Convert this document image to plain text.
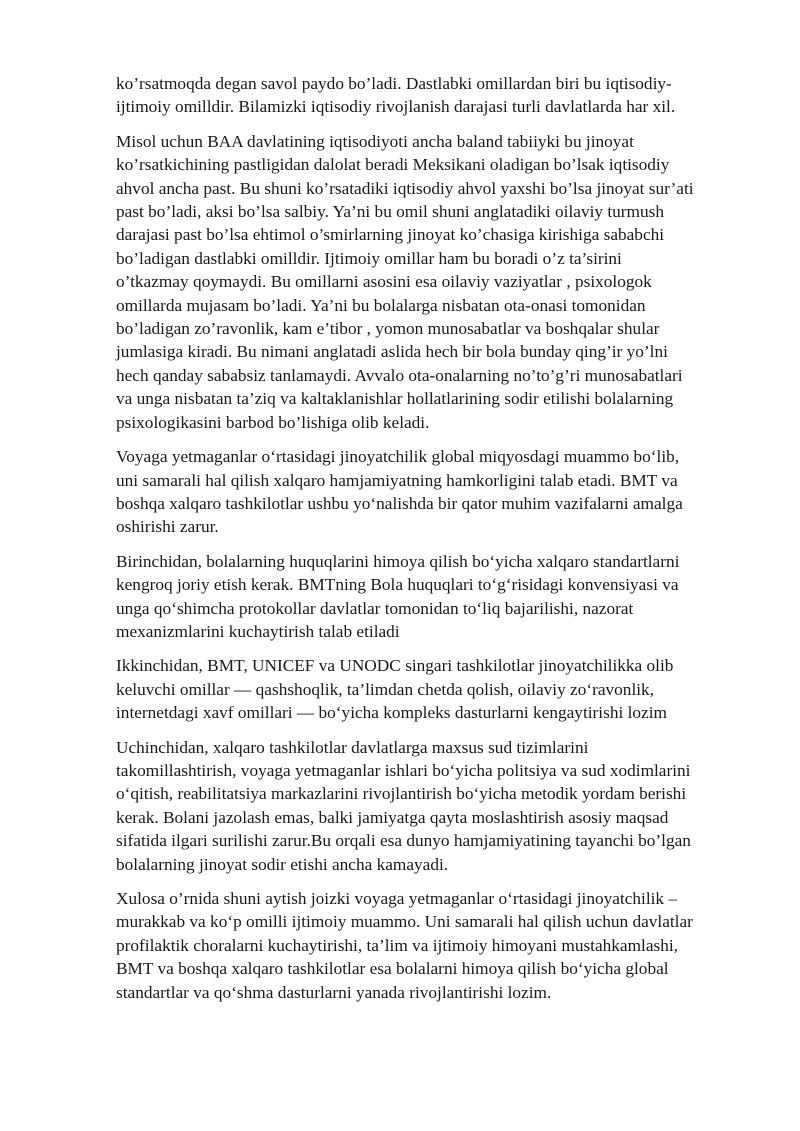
ko’rsatmoqda degan savol paydo bo’ladi. Dastlabki omillardan biri bu iqtisodiy-
ijtimoiy omilldir. Bilamizki iqtisodiy rivojlanish darajasi turli davlatlarda har xil.

Misol uchun BAA davlatining iqtisodiyoti ancha baland tabiiyki bu jinoyat
ko’rsatkichining pastligidan dalolat beradi Meksikani oladigan bo’lsak iqtisodiy
ahvol ancha past. Bu shuni ko’rsatadiki iqtisodiy ahvol yaxshi bo’lsa jinoyat sur’ati
past bo’ladi, aksi bo’lsa salbiy. Ya’ni bu omil shuni anglatadiki oilaviy turmush
darajasi past bo’lsa ehtimol o’smirlarning jinoyat ko’chasiga kirishiga sababchi
bo’ladigan dastlabki omilldir. Ijtimoiy omillar ham bu boradi o’z ta’sirini
o’tkazmay qoymaydi. Bu omillarni asosini esa oilaviy vaziyatlar , psixologok
omillarda mujasam bo’ladi. Ya’ni bu bolalarga nisbatan ota-onasi tomonidan
bo’ladigan zo’ravonlik, kam e’tibor , yomon munosabatlar va boshqalar shular
jumlasiga kiradi. Bu nimani anglatadi aslida hech bir bola bunday qing’ir yo’lni
hech qanday sababsiz tanlamaydi. Avvalo ota-onalarning no’to’g’ri munosabatlari
va unga nisbatan ta’ziq va kaltaklanishlar hollatlarining sodir etilishi bolalarning
psixologikasini barbod bo’lishiga olib keladi.

Voyaga yetmaganlar oʻrtasidagi jinoyatchilik global miqyosdagi muammo boʻlib,
uni samarali hal qilish xalqaro hamjamiyatning hamkorligini talab etadi. BMT va
boshqa xalqaro tashkilotlar ushbu yoʻnalishda bir qator muhim vazifalarni amalga
oshirishi zarur.

Birinchidan, bolalarning huquqlarini himoya qilish boʻyicha xalqaro standartlarni
kengroq joriy etish kerak. BMTning Bola huquqlari toʻgʻrisidagi konvensiyasi va
unga qoʻshimcha protokollar davlatlar tomonidan toʻliq bajarilishi, nazorat
mexanizmlarini kuchaytirish talab etiladi

Ikkinchidan, BMT, UNICEF va UNODC singari tashkilotlar jinoyatchilikka olib
keluvchi omillar — qashshoqlik, ta’limdan chetda qolish, oilaviy zoʻravonlik,
internetdagi xavf omillari — boʻyicha kompleks dasturlarni kengaytirishi lozim

Uchinchidan, xalqaro tashkilotlar davlatlarga maxsus sud tizimlarini
takomillashtirish, voyaga yetmaganlar ishlari boʻyicha politsiya va sud xodimlarini
oʻqitish, reabilitatsiya markazlarini rivojlantirish boʻyicha metodik yordam berishi
kerak. Bolani jazolash emas, balki jamiyatga qayta moslashtirish asosiy maqsad
sifatida ilgari surilishi zarur.Bu orqali esa dunyo hamjamiyatining tayanchi bo’lgan
bolalarning jinoyat sodir etishi ancha kamayadi.

Xulosa o’rnida shuni aytish joizki voyaga yetmaganlar oʻrtasidagi jinoyatchilik –
murakkab va koʻp omilli ijtimoiy muammo. Uni samarali hal qilish uchun davlatlar
profilaktik choralarni kuchaytirishi, ta’lim va ijtimoiy himoyani mustahkamlashi,
BMT va boshqa xalqaro tashkilotlar esa bolalarni himoya qilish boʻyicha global
standartlar va qoʻshma dasturlarni yanada rivojlantirishi lozim.
